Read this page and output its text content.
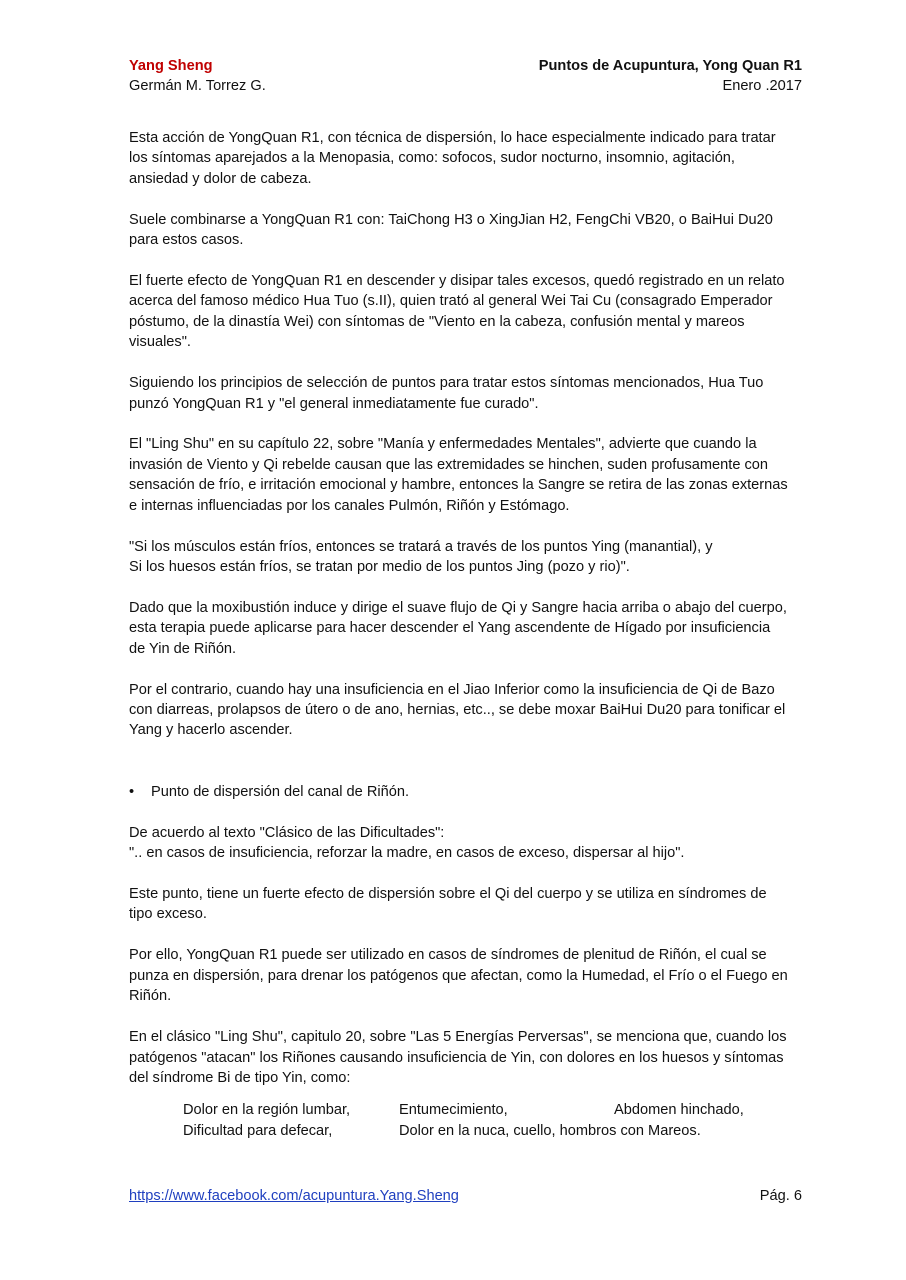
Yang Sheng
Germán M. Torrez G.
Puntos de Acupuntura, Yong Quan R1
Enero .2017

Esta acción de YongQuan R1, con técnica de dispersión, lo hace especialmente indicado para tratar los síntomas aparejados a la Menopasia, como: sofocos, sudor nocturno, insomnio, agitación, ansiedad y dolor de cabeza.

Suele combinarse a YongQuan R1 con: TaiChong H3 o XingJian H2, FengChi VB20, o BaiHui Du20 para estos casos.

El fuerte efecto de YongQuan R1 en descender y disipar tales excesos, quedó registrado en un relato acerca del famoso médico Hua Tuo (s.II), quien trató al general Wei Tai Cu (consagrado Emperador póstumo, de la dinastía Wei) con síntomas de "Viento en la cabeza, confusión mental y mareos visuales".

Siguiendo los principios de selección de puntos para tratar estos síntomas mencionados, Hua Tuo punzó YongQuan R1 y "el general inmediatamente fue curado".

El "Ling Shu" en su capítulo 22, sobre "Manía y enfermedades Mentales", advierte que cuando la invasión de Viento y Qi rebelde causan que las extremidades se hinchen, suden profusamente con sensación de frío, e irritación emocional y hambre, entonces la Sangre se retira de las zonas externas e internas influenciadas por los canales Pulmón, Riñón y Estómago.

"Si los músculos están fríos, entonces se tratará a través de los puntos Ying (manantial), y

Si los huesos están fríos, se tratan por medio de los puntos Jing (pozo y rio)".

Dado que la moxibustión induce y dirige el suave flujo de Qi y Sangre hacia arriba o abajo del cuerpo, esta terapia puede aplicarse para hacer descender el Yang ascendente de Hígado por insuficiencia de Yin de Riñón.

Por el contrario, cuando hay una insuficiencia en el Jiao Inferior como la insuficiencia de Qi de Bazo con diarreas, prolapsos de útero o de ano, hernias, etc.., se debe moxar BaiHui Du20 para tonificar el Yang y hacerlo ascender.

•	Punto de dispersión del canal de Riñón.

De acuerdo al texto "Clásico de las Dificultades":

".. en casos de insuficiencia, reforzar la madre, en casos de exceso, dispersar al hijo".

Este punto, tiene un fuerte efecto de dispersión sobre el Qi del cuerpo y se utiliza en síndromes de tipo exceso.

Por ello, YongQuan R1 puede ser utilizado en casos de síndromes de plenitud de Riñón, el cual se punza en dispersión, para drenar los patógenos que afectan, como la Humedad, el Frío o el Fuego en Riñón.

En el clásico "Ling Shu", capitulo 20, sobre "Las 5 Energías Perversas", se menciona que, cuando los patógenos "atacan" los Riñones causando insuficiencia de Yin, con dolores en los huesos y síntomas del síndrome Bi de tipo Yin, como:

Dolor en la región lumbar,	Entumecimiento,	Abdomen hinchado,
Dificultad para defecar,	Dolor en la nuca, cuello, hombros con Mareos.
https://www.facebook.com/acupuntura.Yang.Sheng	Pág. 6
